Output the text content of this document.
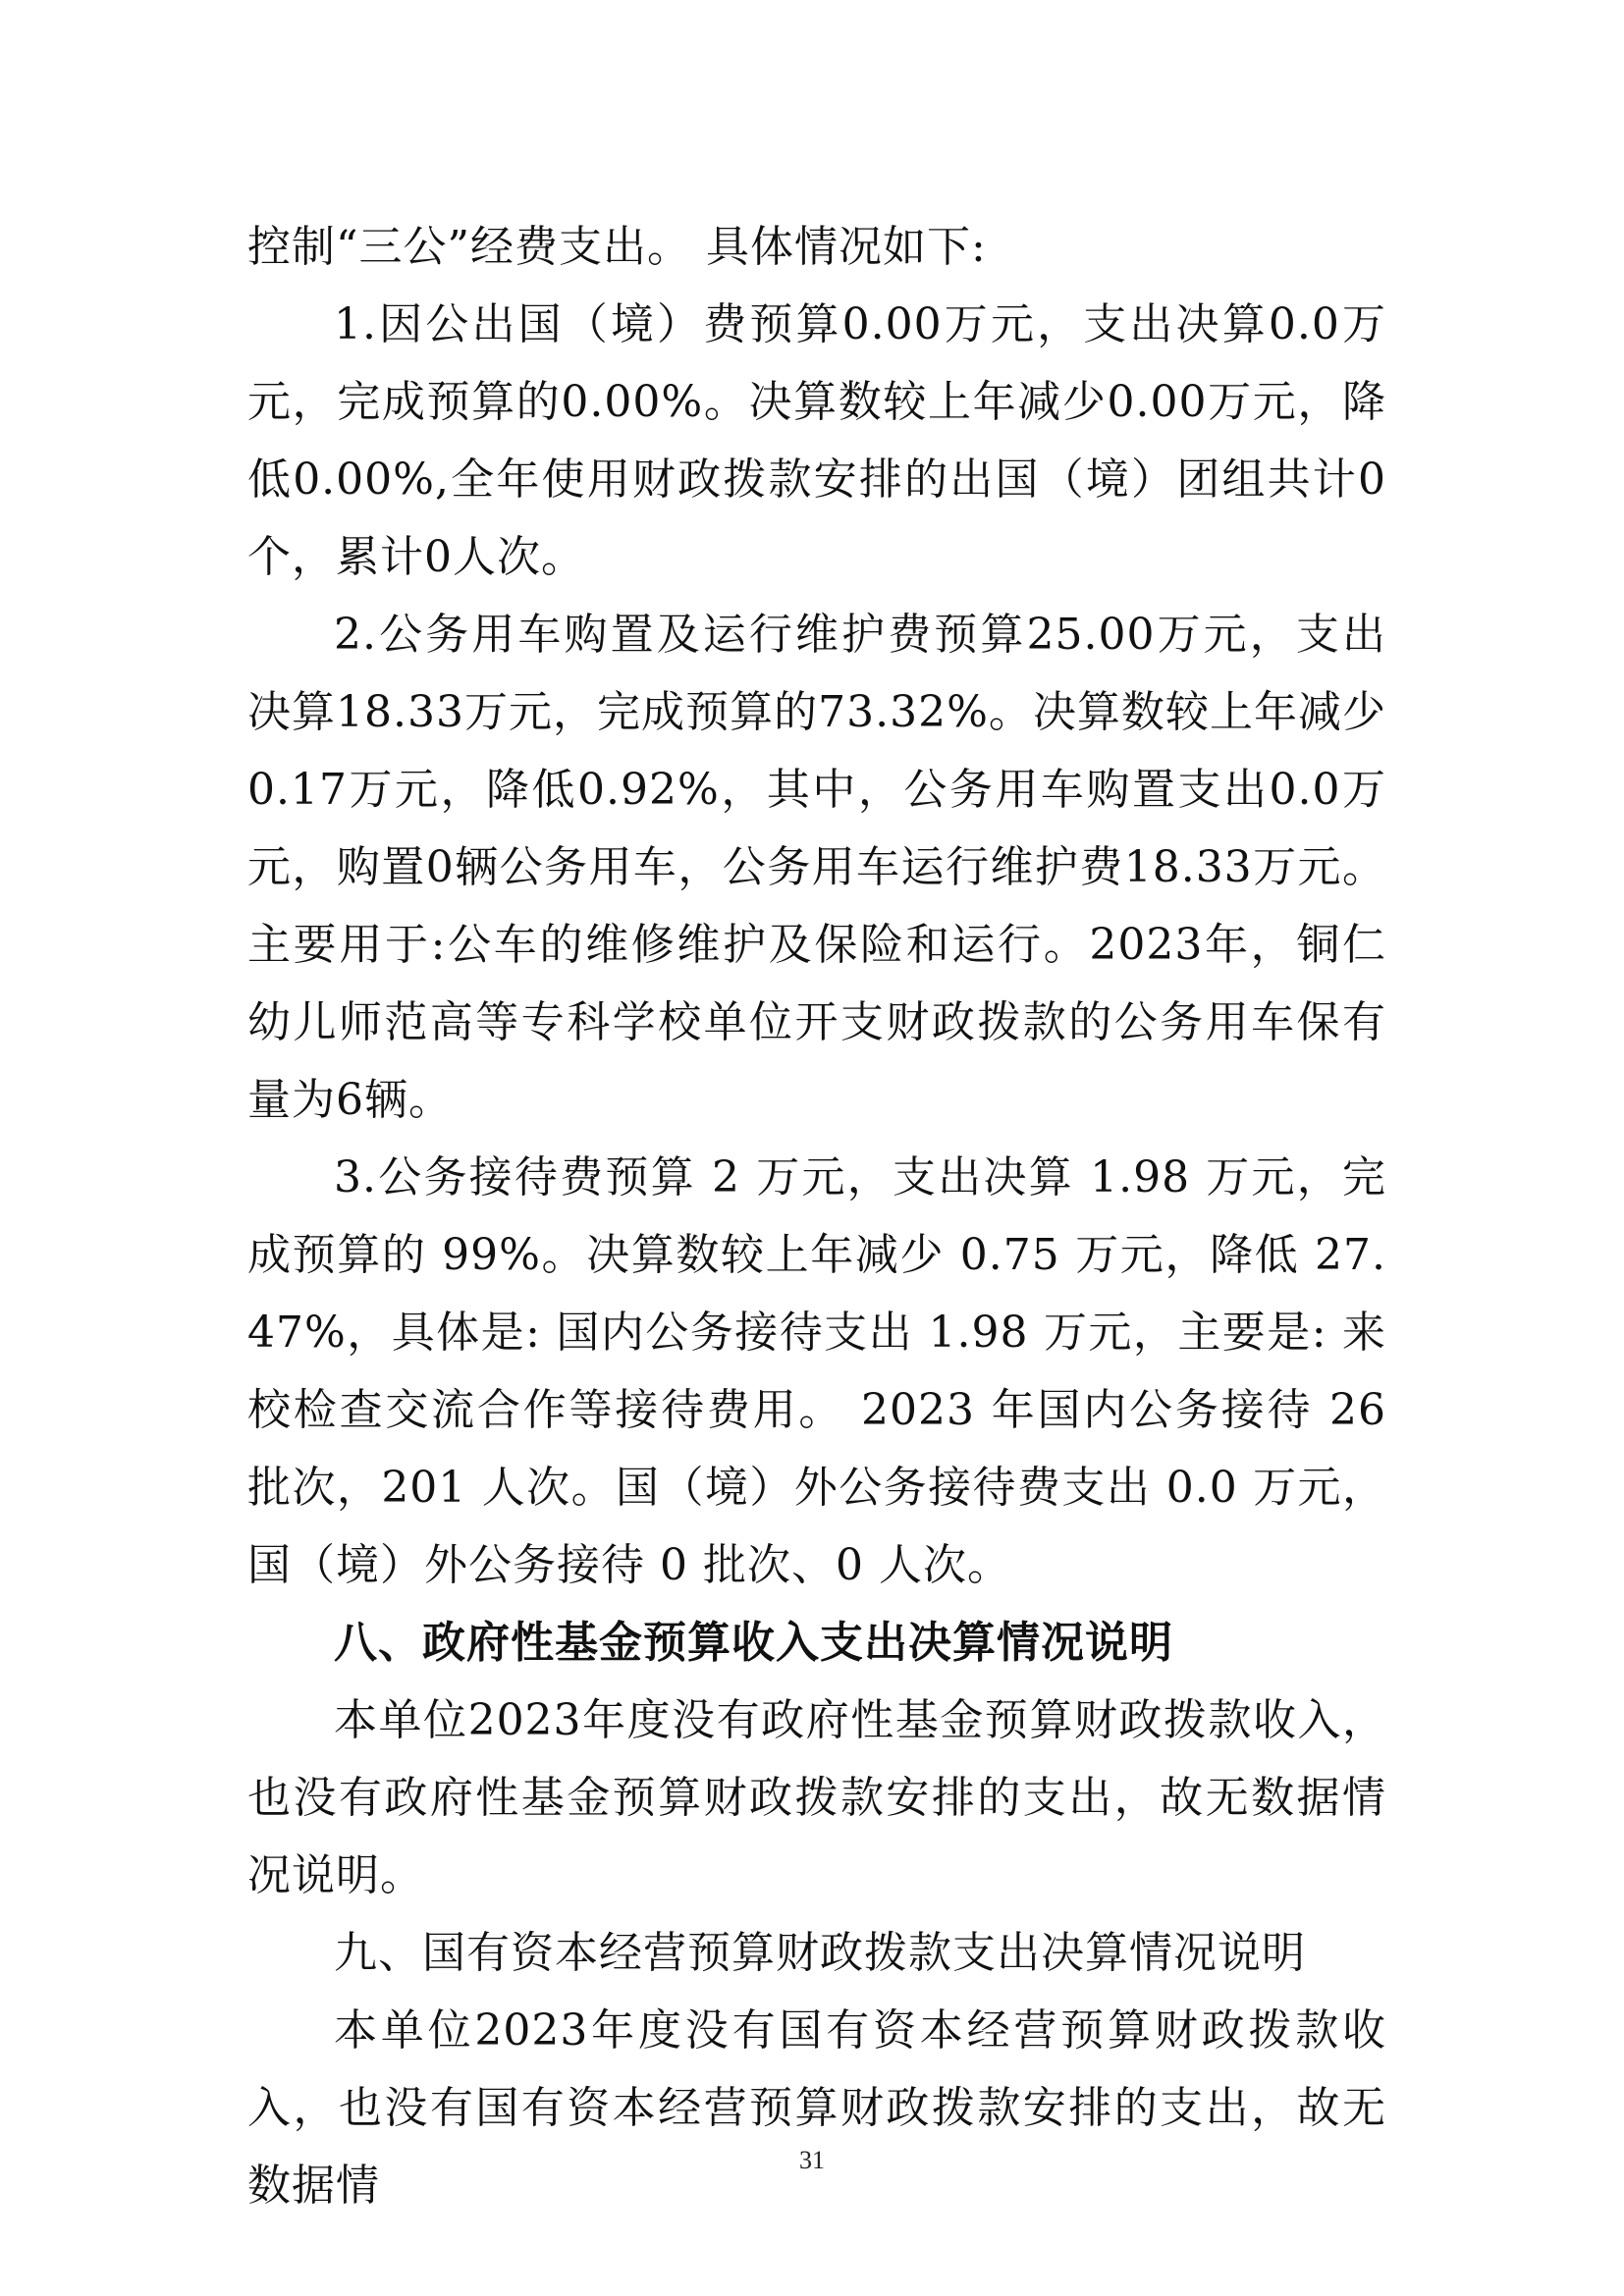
控制“三公”经费支出。 具体情况如下:

1.因公出国（境）费预算0.00万元，支出决算0.0万元，完成预算的0.00%。决算数较上年减少0.00万元，降低0.00%,全年使用财政拨款安排的出国（境）团组共计0个，累计0人次。

2.公务用车购置及运行维护费预算25.00万元，支出决算18.33万元，完成预算的73.32%。决算数较上年减少0.17万元，降低0.92%，其中，公务用车购置支出0.0万元，购置0辆公务用车，公务用车运行维护费18.33万元。主要用于:公车的维修维护及保险和运行。2023年，铜仁幼儿师范高等专科学校单位开支财政拨款的公务用车保有量为6辆。

3.公务接待费预算 2 万元，支出决算 1.98 万元，完成预算的 99%。决算数较上年减少 0.75 万元，降低 27.47%，具体是: 国内公务接待支出 1.98 万元，主要是: 来校检查交流合作等接待费用。 2023 年国内公务接待 26 批次，201 人次。国（境）外公务接待费支出 0.0 万元，国（境）外公务接待 0 批次、0 人次。

八、政府性基金预算收入支出决算情况说明

本单位2023年度没有政府性基金预算财政拨款收入，也没有政府性基金预算财政拨款安排的支出，故无数据情况说明。

九、国有资本经营预算财政拨款支出决算情况说明

本单位2023年度没有国有资本经营预算财政拨款收入，也没有国有资本经营预算财政拨款安排的支出，故无数据情

31
